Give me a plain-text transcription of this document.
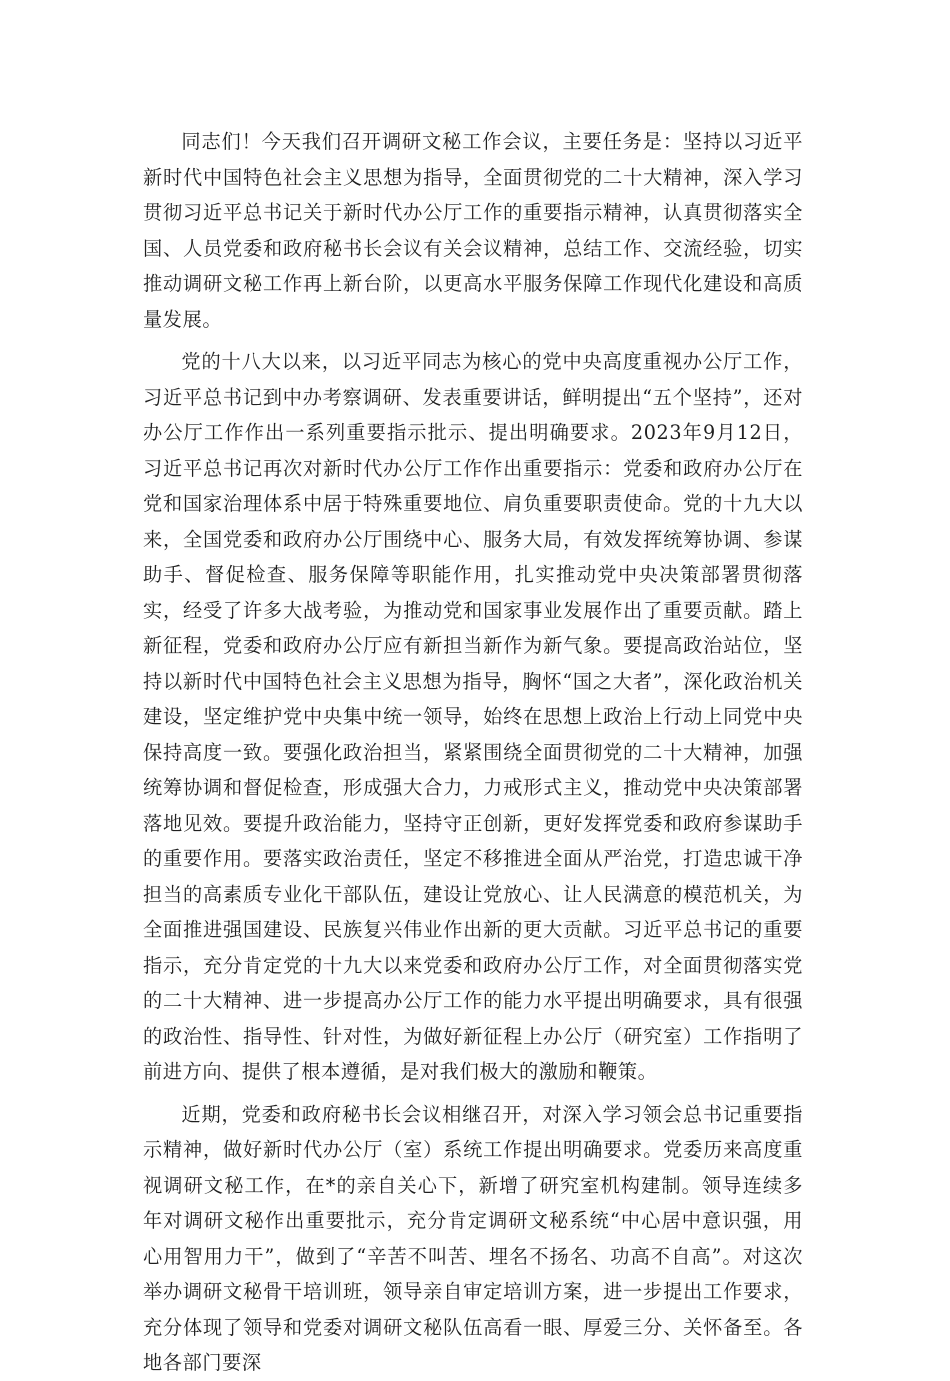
同志们！今天我们召开调研文秘工作会议，主要任务是：坚持以习近平新时代中国特色社会主义思想为指导，全面贯彻党的二十大精神，深入学习贯彻习近平总书记关于新时代办公厅工作的重要指示精神，认真贯彻落实全国、人员党委和政府秘书长会议有关会议精神，总结工作、交流经验，切实推动调研文秘工作再上新台阶，以更高水平服务保障工作现代化建设和高质量发展。

党的十八大以来，以习近平同志为核心的党中央高度重视办公厅工作，习近平总书记到中办考察调研、发表重要讲话，鲜明提出“五个坚持”，还对办公厅工作作出一系列重要指示批示、提出明确要求。2023年9月12日，习近平总书记再次对新时代办公厅工作作出重要指示：党委和政府办公厅在党和国家治理体系中居于特殊重要地位、肩负重要职责使命。党的十九大以来，全国党委和政府办公厅围绕中心、服务大局，有效发挥统筹协调、参谋助手、督促检查、服务保障等职能作用，扎实推动党中央决策部署贯彻落实，经受了许多大战考验，为推动党和国家事业发展作出了重要贡献。踏上新征程，党委和政府办公厅应有新担当新作为新气象。要提高政治站位，坚持以新时代中国特色社会主义思想为指导，胸怀“国之大者”，深化政治机关建设，坚定维护党中央集中统一领导，始终在思想上政治上行动上同党中央保持高度一致。要强化政治担当，紧紧围绕全面贯彻党的二十大精神，加强统筹协调和督促检查，形成强大合力，力戒形式主义，推动党中央决策部署落地见效。要提升政治能力，坚持守正创新，更好发挥党委和政府参谋助手的重要作用。要落实政治责任，坚定不移推进全面从严治党，打造忠诚干净担当的高素质专业化干部队伍，建设让党放心、让人民满意的模范机关，为全面推进强国建设、民族复兴伟业作出新的更大贡献。习近平总书记的重要指示，充分肯定党的十九大以来党委和政府办公厅工作，对全面贯彻落实党的二十大精神、进一步提高办公厅工作的能力水平提出明确要求，具有很强的政治性、指导性、针对性，为做好新征程上办公厅（研究室）工作指明了前进方向、提供了根本遵循，是对我们极大的激励和鞭策。

近期，党委和政府秘书长会议相继召开，对深入学习领会总书记重要指示精神，做好新时代办公厅（室）系统工作提出明确要求。党委历来高度重视调研文秘工作，在*的亲自关心下，新增了研究室机构建制。领导连续多年对调研文秘作出重要批示，充分肯定调研文秘系统“中心居中意识强，用心用智用力干”，做到了“辛苦不叫苦、埋名不扬名、功高不自高”。对这次举办调研文秘骨干培训班，领导亲自审定培训方案，进一步提出工作要求，充分体现了领导和党委对调研文秘队伍高看一眼、厚爱三分、关怀备至。各地各部门要深
